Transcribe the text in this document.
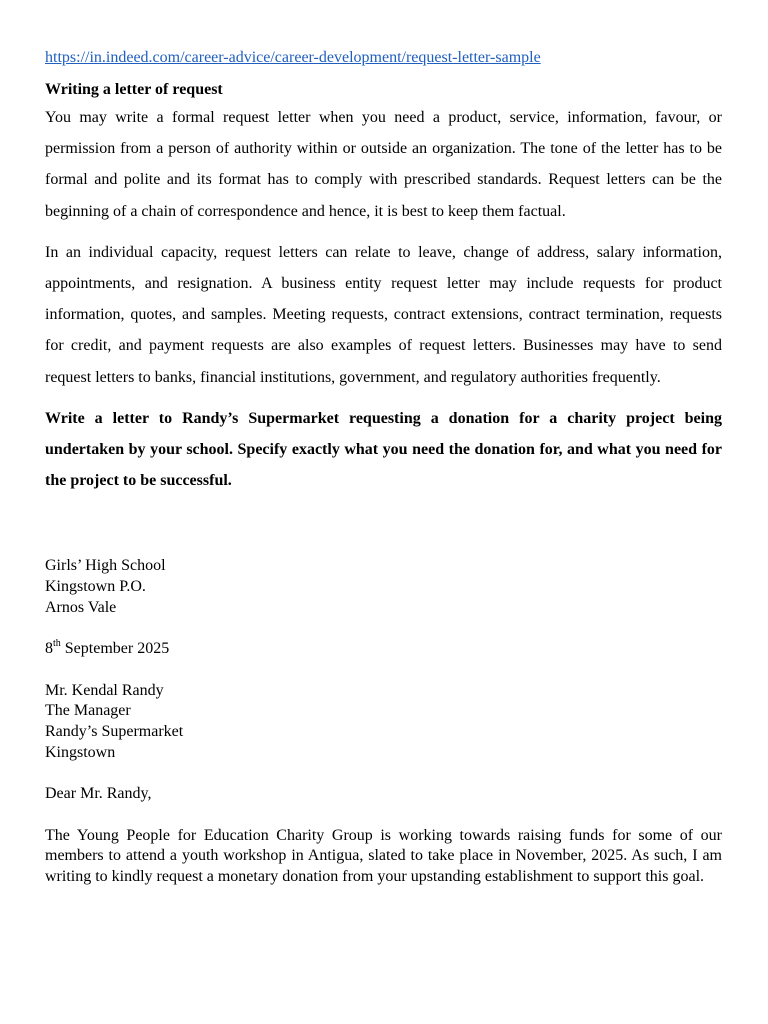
https://in.indeed.com/career-advice/career-development/request-letter-sample
Writing a letter of request

You may write a formal request letter when you need a product, service, information, favour, or permission from a person of authority within or outside an organization. The tone of the letter has to be formal and polite and its format has to comply with prescribed standards. Request letters can be the beginning of a chain of correspondence and hence, it is best to keep them factual.

In an individual capacity, request letters can relate to leave, change of address, salary information, appointments, and resignation. A business entity request letter may include requests for product information, quotes, and samples. Meeting requests, contract extensions, contract termination, requests for credit, and payment requests are also examples of request letters. Businesses may have to send request letters to banks, financial institutions, government, and regulatory authorities frequently.

Write a letter to Randy’s Supermarket requesting a donation for a charity project being undertaken by your school. Specify exactly what you need the donation for, and what you need for the project to be successful.
Girls’ High School
Kingstown P.O.
Arnos Vale
8th September 2025
Mr. Kendal Randy
The Manager
Randy’s Supermarket
Kingstown
Dear Mr. Randy,
The Young People for Education Charity Group is working towards raising funds for some of our members to attend a youth workshop in Antigua, slated to take place in November, 2025. As such, I am writing to kindly request a monetary donation from your upstanding establishment to support this goal.
